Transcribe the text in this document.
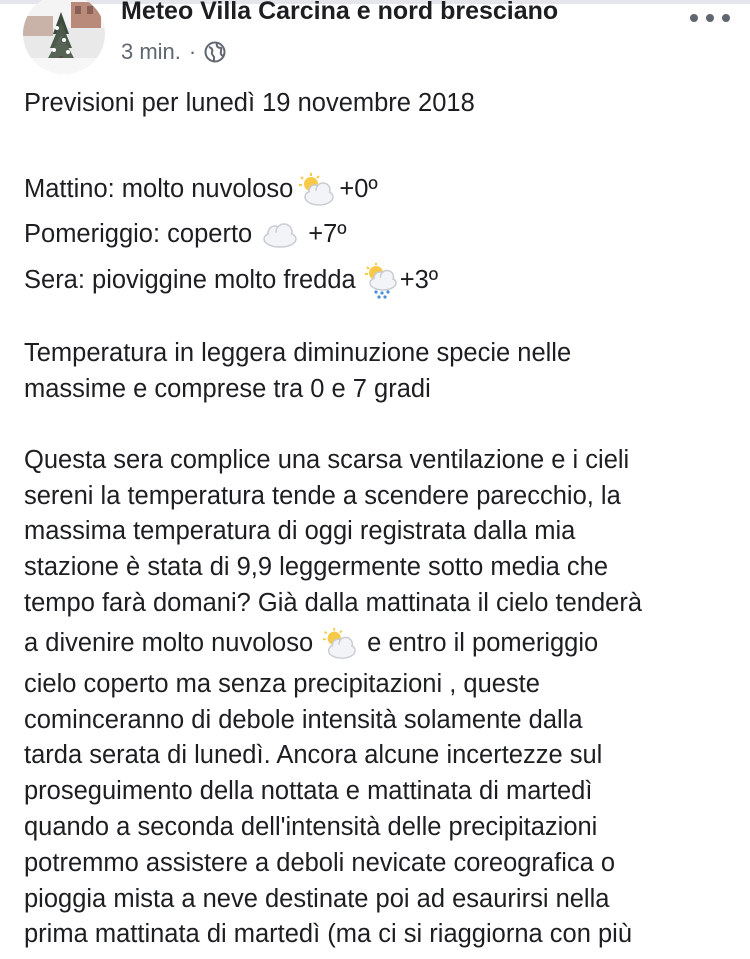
Meteo Villa Carcina e nord bresciano
3 min. ·
Previsioni per lunedì 19 novembre 2018
Mattino: molto nuvoloso +0º
Pomeriggio: coperto +7º
Sera: pioviggine molto fredda +3º
Temperatura in leggera diminuzione specie nelle
massime e comprese tra 0 e 7 gradi
Questa sera complice una scarsa ventilazione e i cieli
sereni la temperatura tende a scendere parecchio, la
massima temperatura di oggi registrata dalla mia
stazione è stata di 9,9 leggermente sotto media che
tempo farà domani? Già dalla mattinata il cielo tenderà
a divenire molto nuvoloso e entro il pomeriggio
cielo coperto ma senza precipitazioni , queste
cominceranno di debole intensità solamente dalla
tarda serata di lunedì. Ancora alcune incertezze sul
proseguimento della nottata e mattinata di martedì
quando a seconda dell'intensità delle precipitazioni
potremmo assistere a deboli nevicate coreografica o
pioggia mista a neve destinate poi ad esaurirsi nella
prima mattinata di martedì (ma ci si riaggiorna con più
